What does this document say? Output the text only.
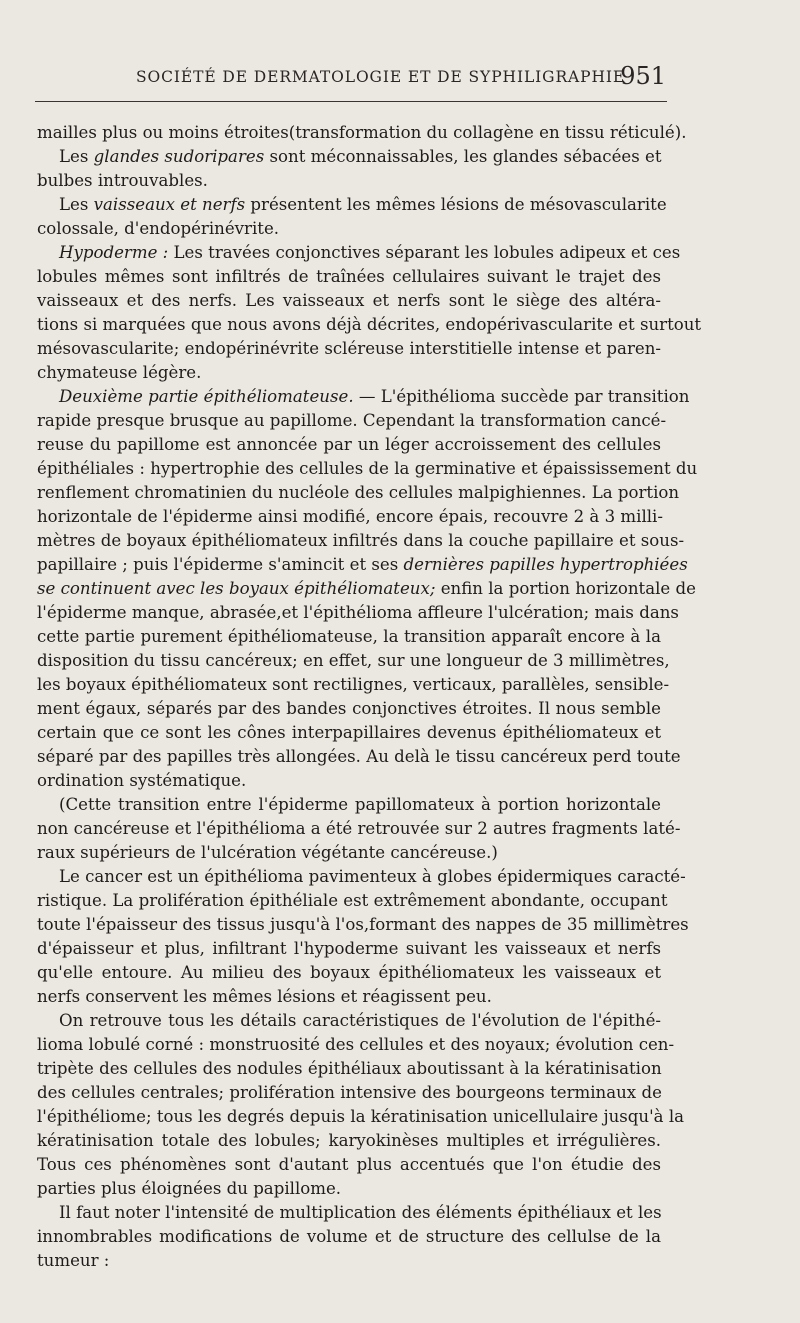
SOCIÉTÉ DE DERMATOLOGIE ET DE SYPHILIGRAPHIE
951
mailles plus ou moins étroites(transformation du collagène en tissu réticulé).
Les glandes sudoripares sont méconnaissables, les glandes sébacées et
bulbes introuvables.
Les vaisseaux et nerfs présentent les mêmes lésions de mésovascularite
colossale, d'endopérinévrite.
Hypoderme : Les travées conjonctives séparant les lobules adipeux et ces
lobules mêmes sont infiltrés de traînées cellulaires suivant le trajet des
vaisseaux et des nerfs. Les vaisseaux et nerfs sont le siège des altéra-
tions si marquées que nous avons déjà décrites, endopérivascularite et surtout
mésovascularite; endopérinévrite scléreuse interstitielle intense et paren-
chymateuse légère.
Deuxième partie épithéliomateuse. — L'épithélioma succède par transition
rapide presque brusque au papillome. Cependant la transformation cancé-
reuse du papillome est annoncée par un léger accroissement des cellules
épithéliales : hypertrophie des cellules de la germinative et épaississement du
renflement chromatinien du nucléole des cellules malpighiennes. La portion
horizontale de l'épiderme ainsi modifié, encore épais, recouvre 2 à 3 milli-
mètres de boyaux épithéliomateux infiltrés dans la couche papillaire et sous-
papillaire ; puis l'épiderme s'amincit et ses dernières papilles hypertrophiées
se continuent avec les boyaux épithéliomateux; enfin la portion horizontale de
l'épiderme manque, abrasée,et l'épithélioma affleure l'ulcération; mais dans
cette partie purement épithéliomateuse, la transition apparaît encore à la
disposition du tissu cancéreux; en effet, sur une longueur de 3 millimètres,
les boyaux épithéliomateux sont rectilignes, verticaux, parallèles, sensible-
ment égaux, séparés par des bandes conjonctives étroites. Il nous semble
certain que ce sont les cônes interpapillaires devenus épithéliomateux et
séparé par des papilles très allongées. Au delà le tissu cancéreux perd toute
ordination systématique.
(Cette transition entre l'épiderme papillomateux à portion horizontale
non cancéreuse et l'épithélioma a été retrouvée sur 2 autres fragments laté-
raux supérieurs de l'ulcération végétante cancéreuse.)
Le cancer est un épithélioma pavimenteux à globes épidermiques caracté-
ristique. La prolifération épithéliale est extrêmement abondante, occupant
toute l'épaisseur des tissus jusqu'à l'os,formant des nappes de 35 millimètres
d'épaisseur et plus, infiltrant l'hypoderme suivant les vaisseaux et nerfs
qu'elle entoure. Au milieu des boyaux épithéliomateux les vaisseaux et
nerfs conservent les mêmes lésions et réagissent peu.
On retrouve tous les détails caractéristiques de l'évolution de l'épithé-
lioma lobulé corné : monstruosité des cellules et des noyaux; évolution cen-
tripète des cellules des nodules épithéliaux aboutissant à la kératinisation
des cellules centrales; prolifération intensive des bourgeons terminaux de
l'épithéliome; tous les degrés depuis la kératinisation unicellulaire jusqu'à la
kératinisation totale des lobules; karyokinèses multiples et irrégulières.
Tous ces phénomènes sont d'autant plus accentués que l'on étudie des
parties plus éloignées du papillome.
Il faut noter l'intensité de multiplication des éléments épithéliaux et les
innombrables modifications de volume et de structure des cellulse de la
tumeur :
